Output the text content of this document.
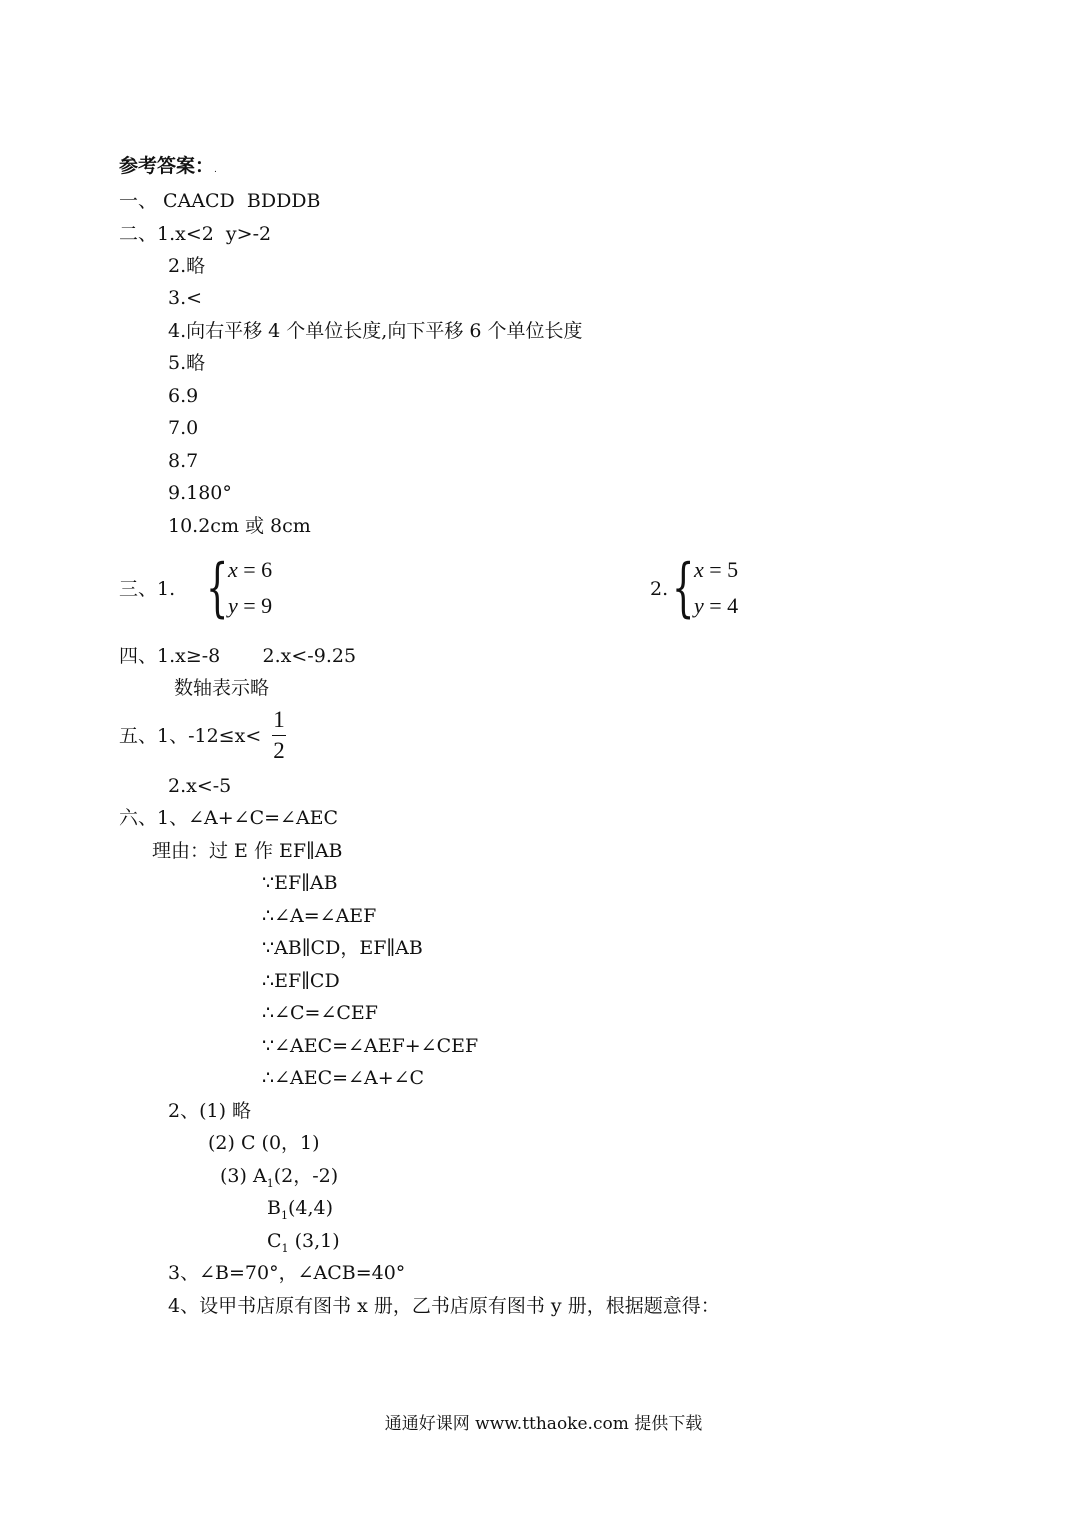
参考答案：.
一、 CAACD  BDDDB
二、1.x<2  y>-2
2.略
3.<
4.向右平移 4 个单位长度,向下平移 6 个单位长度
5.略
6.9
7.0
8.7
9.180°
10.2cm 或 8cm
三、1. { x = 6
y = 9
2. { x = 5
y = 4
四、1.x≥-8       2.x<-9.25
数轴表示略
五、1、-12≤x<
1
2
2.x<-5
六、1、∠A+∠C=∠AEC
理由：过 E 作 EF∥AB
∵EF∥AB
∴∠A=∠AEF
∵AB∥CD，EF∥AB
∴EF∥CD
∴∠C=∠CEF
∵∠AEC=∠AEF+∠CEF
∴∠AEC=∠A+∠C
2、(1) 略
(2) C (0，1)
(3) $A_1(2$，-2)
$B_1(4,4)$
$C_1$ (3,1)
3、∠B=70°，∠ACB=40°
4、设甲书店原有图书 x 册，乙书店原有图书 y 册，根据题意得：
通通好课网 www.tthaoke.com 提供下载
